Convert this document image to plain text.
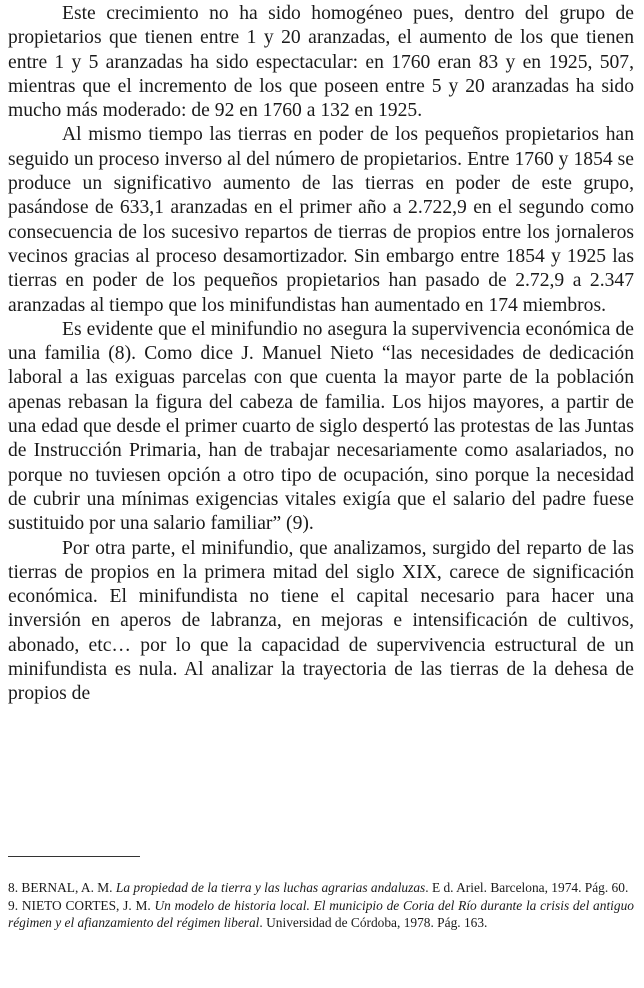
Este crecimiento no ha sido homogéneo pues, dentro del grupo de propietarios que tienen entre 1 y 20 aranzadas, el aumento de los que tienen entre 1 y 5 aranzadas ha sido espectacular: en 1760 eran 83 y en 1925, 507, mientras que el incremento de los que poseen entre 5 y 20 aranzadas ha sido mucho más moderado: de 92 en 1760 a 132 en 1925.

Al mismo tiempo las tierras en poder de los pequeños propietarios han seguido un proceso inverso al del número de propietarios. Entre 1760 y 1854 se produce un significativo aumento de las tierras en poder de este grupo, pasándose de 633,1 aranzadas en el primer año a 2.722,9 en el segundo como consecuencia de los sucesivo repartos de tierras de propios entre los jornaleros vecinos gracias al proceso desamortizador. Sin embargo entre 1854 y 1925 las tierras en poder de los pequeños propietarios han pasado de 2.72,9 a 2.347 aranzadas al tiempo que los minifundistas han aumentado en 174 miembros.

Es evidente que el minifundio no asegura la supervivencia económica de una familia (8). Como dice J. Manuel Nieto “las necesidades de dedicación laboral a las exiguas parcelas con que cuenta la mayor parte de la población apenas rebasan la figura del cabeza de familia. Los hijos mayores, a partir de una edad que desde el primer cuarto de siglo despertó las protestas de las Juntas de Instrucción Primaria, han de trabajar necesariamente como asalariados, no porque no tuviesen opción a otro tipo de ocupación, sino porque la necesidad de cubrir una mínimas exigencias vitales exigía que el salario del padre fuese sustituido por una salario familiar” (9).

Por otra parte, el minifundio, que analizamos, surgido del reparto de las tierras de propios en la primera mitad del siglo XIX, carece de significación económica. El minifundista no tiene el capital necesario para hacer una inversión en aperos de labranza, en mejoras e intensificación de cultivos, abonado, etc… por lo que la capacidad de supervivencia estructural de un minifundista es nula. Al analizar la trayectoria de las tierras de la dehesa de propios de

8. BERNAL, A. M. La propiedad de la tierra y las luchas agrarias andaluzas. E d. Ariel. Barcelona, 1974. Pág. 60.

9. NIETO CORTES, J. M. Un modelo de historia local. El municipio de Coria del Río durante la crisis del antiguo régimen y el afianzamiento del régimen liberal. Universidad de Córdoba, 1978. Pág. 163.
